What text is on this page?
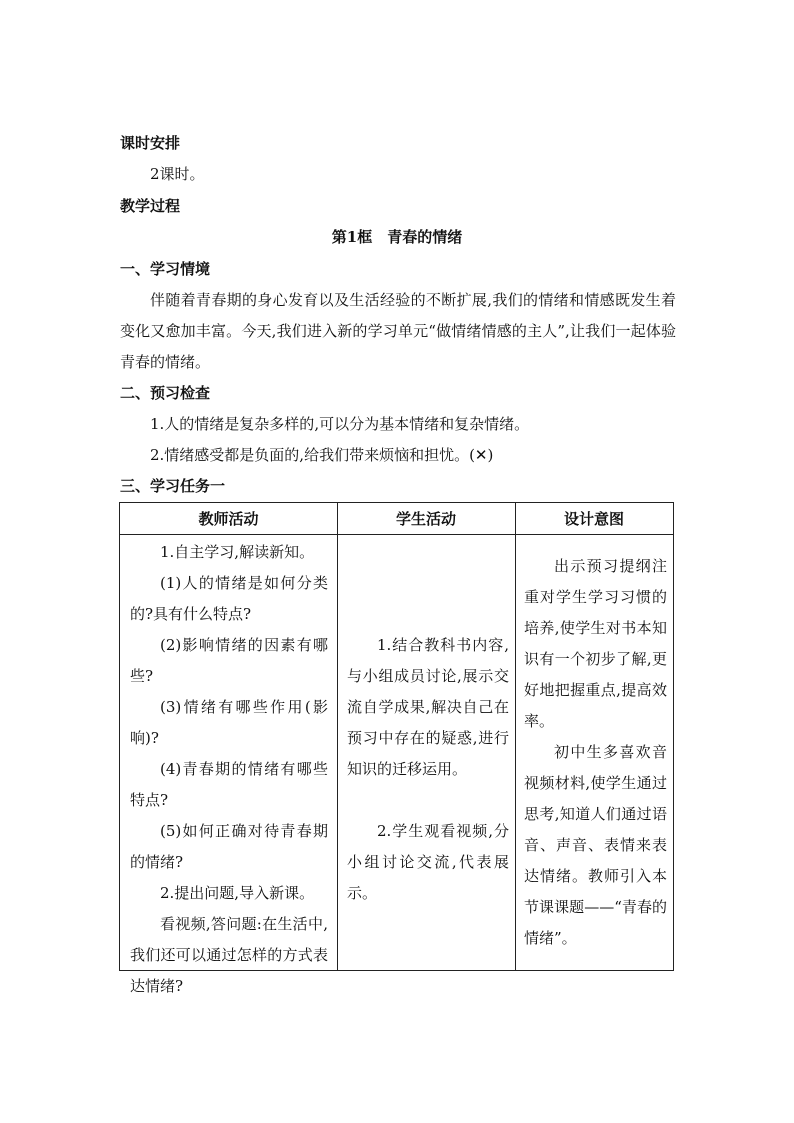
课时安排
2课时。
教学过程
第1框　青春的情绪
一、学习情境
伴随着青春期的身心发育以及生活经验的不断扩展,我们的情绪和情感既发生着变化又愈加丰富。今天,我们进入新的学习单元“做情绪情感的主人”,让我们一起体验青春的情绪。
二、预习检查
1.人的情绪是复杂多样的,可以分为基本情绪和复杂情绪。
2.情绪感受都是负面的,给我们带来烦恼和担忧。(✕)
三、学习任务一
教师活动	学生活动	设计意图

1.自主学习,解读新知。

(1)人的情绪是如何分类的?具有什么特点?

(2)影响情绪的因素有哪些?

(3)情绪有哪些作用(影响)?

(4)青春期的情绪有哪些特点?

(5)如何正确对待青春期的情绪?

2.提出问题,导入新课。

看视频,答问题:在生活中,我们还可以通过怎样的方式表达情绪?

1.结合教科书内容,与小组成员讨论,展示交流自学成果,解决自己在预习中存在的疑惑,进行知识的迁移运用。

2.学生观看视频,分小组讨论交流,代表展示。

出示预习提纲注重对学生学习习惯的培养,使学生对书本知识有一个初步了解,更好地把握重点,提高效率。

初中生多喜欢音视频材料,使学生通过思考,知道人们通过语音、声音、表情来表达情绪。教师引入本节课课题——“青春的情绪”。
